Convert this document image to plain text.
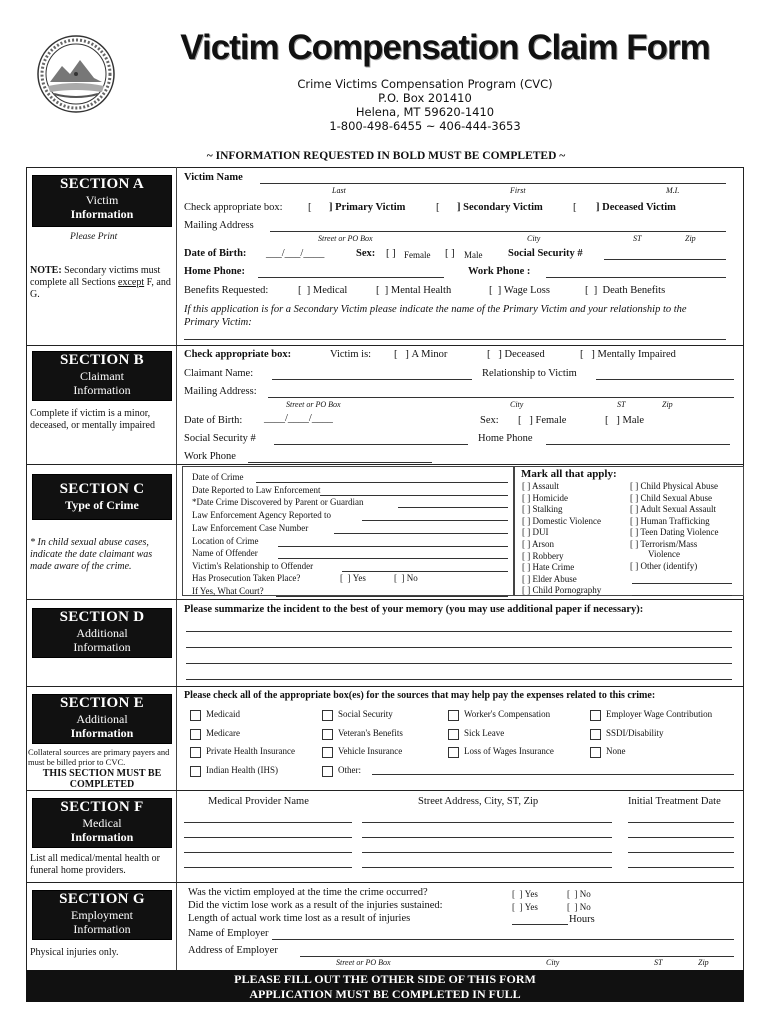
Victim Compensation Claim Form
Crime Victims Compensation Program (CVC)
P.O. Box 201410
Helena, MT 59620-1410
1-800-498-6455 ~ 406-444-3653
~ INFORMATION REQUESTED IN BOLD MUST BE COMPLETED ~
SECTION A
Victim
Information
Please Print
NOTE: Secondary victims must complete all Sections except F, and G.
Victim Name
Last	First	M.I.
Check appropriate box: [ ] Primary Victim	[ ] Secondary Victim	[ ] Deceased Victim
Mailing Address
Street or PO Box	City	ST	Zip
Date of Birth: ___/___/____	Sex: [ ] Female [ ] Male Social Security #
Home Phone:	Work Phone :
Benefits Requested:	[  ] Medical	[  ] Mental Health	[  ] Wage Loss	[  ]  Death Benefits
If this application is for a Secondary Victim please indicate the name of the Primary Victim and your relationship to the Primary Victim:
SECTION B
Claimant
Information
Complete if victim is a minor, deceased, or mentally impaired
Check appropriate box:	Victim is: [   ] A Minor	[   ] Deceased	[   ] Mentally Impaired
Claimant Name:	Relationship to Victim
Mailing Address:
Street or PO Box	City	ST	Zip
Date of Birth: ____/____/____	Sex: [   ] Female	[   ] Male
Social Security #	Home Phone
Work Phone
SECTION C
Type of Crime
* In child sexual abuse cases, indicate the date claimant was made aware of the crime.
Date of Crime
Date Reported to Law Enforcement
*Date Crime Discovered by Parent or Guardian
Law Enforcement Agency Reported to
Law Enforcement Case Number
Location of Crime
Name of Offender
Victim's Relationship to Offender
Has Prosecution Taken Place?	[  ] Yes	[  ] No
If Yes, What Court?
Mark all that apply:
[ ] Assault
[ ] Homicide
[ ] Stalking
[ ] Domestic Violence
[ ] DUI
[ ] Arson
[ ] Robbery
[ ] Hate Crime
[ ] Elder Abuse
[ ] Child Pornography
[ ] Child Physical Abuse
[ ] Child Sexual Abuse
[ ] Adult Sexual Assault
[ ] Human Trafficking
[ ] Teen Dating Violence
[ ] Terrorism/Mass
Violence
[ ] Other (identify)
SECTION D
Additional
Information
Please summarize the incident to the best of your memory (you may use additional paper if necessary):
SECTION E
Additional
Information
Collateral sources are primary payers and must be billed prior to CVC.
THIS SECTION MUST BE COMPLETED
Please check all of the appropriate box(es) for the sources that may help pay the expenses related to this crime:
Medicaid	Social Security	Worker's Compensation	Employer Wage Contribution
Medicare	Veteran's Benefits	Sick Leave	SSDI/Disability
Private Health Insurance	Vehicle Insurance	Loss of Wages Insurance	None
Indian Health (IHS)	Other:
SECTION F
Medical
Information
List all medical/mental health or funeral home providers.
Medical Provider Name	Street Address, City, ST, Zip	Initial Treatment Date
SECTION G
Employment
Information
Physical injuries only.
Was the victim employed at the time the crime occurred?	[  ] Yes	[  ] No
Did the victim lose work as a result of the injuries sustained:	[  ] Yes	[  ] No
Length of actual work time lost as a result of injuries	Hours
Name of Employer
Address of Employer
Street or PO Box	City	ST	Zip
PLEASE FILL OUT THE OTHER SIDE OF THIS FORM
APPLICATION MUST BE COMPLETED IN FULL
